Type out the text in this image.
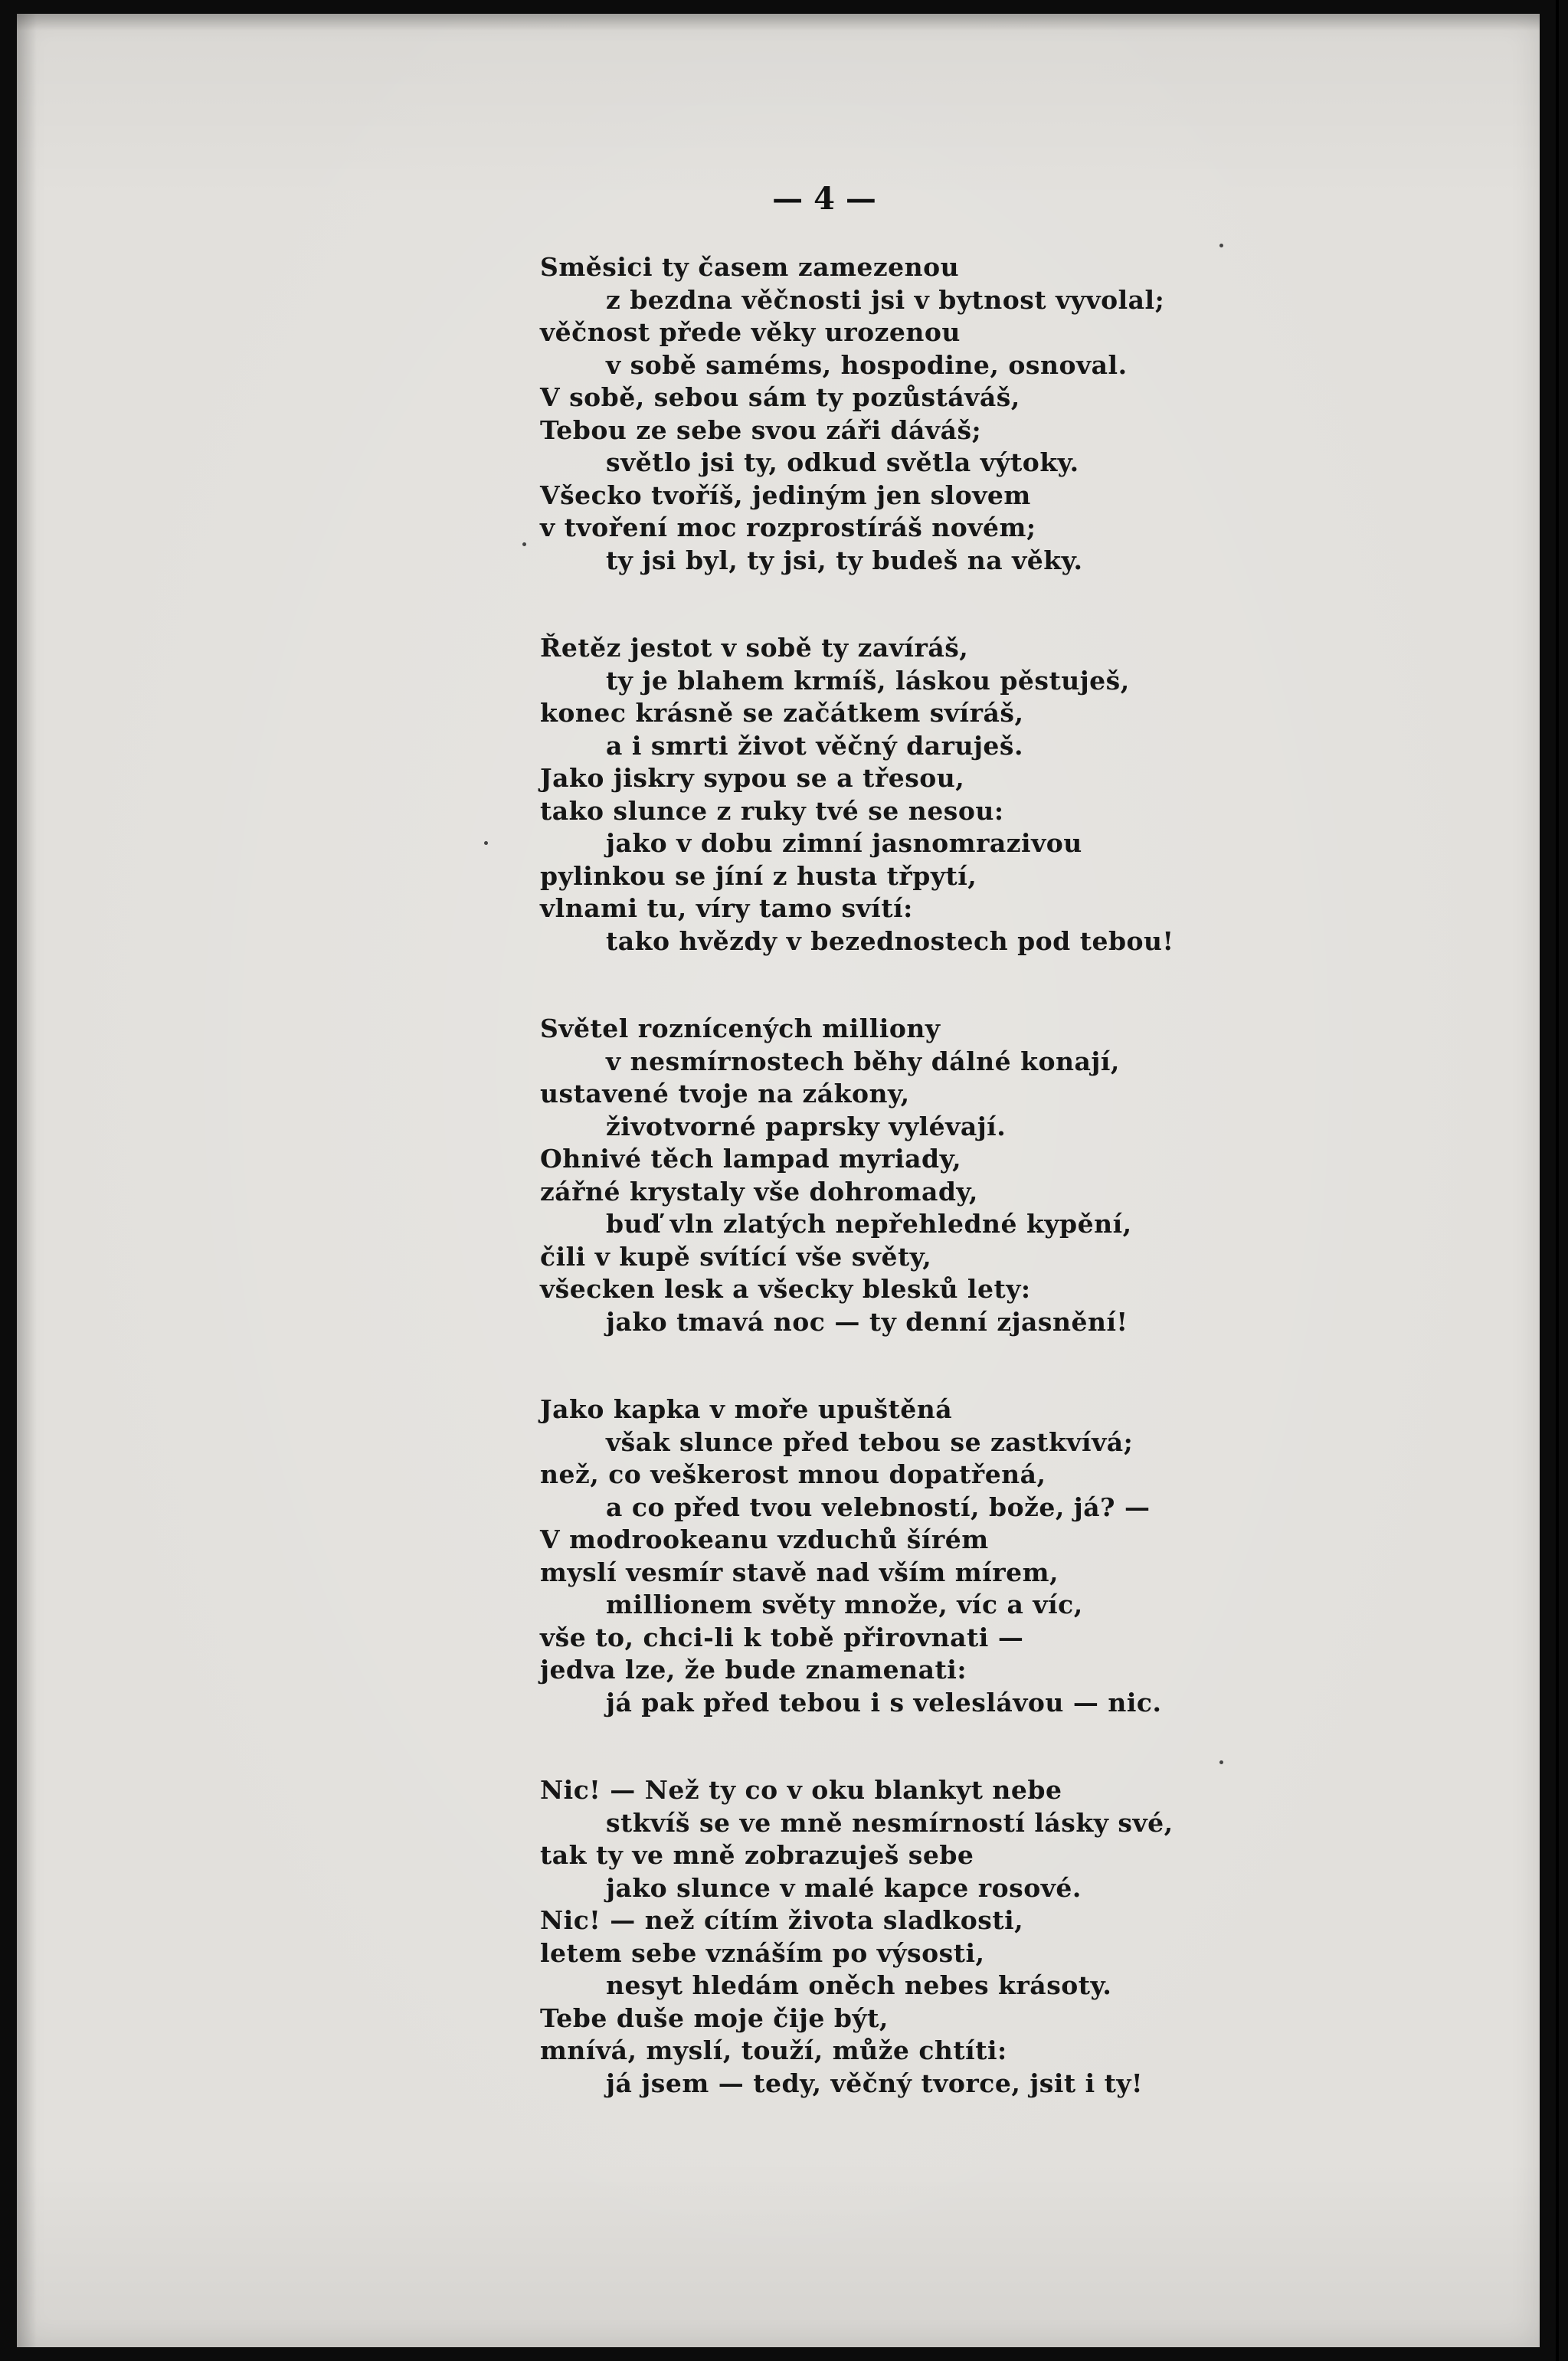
— 4 —
Směsici ty časem zamezenou
z bezdna věčnosti jsi v bytnost vyvolal;
věčnost přede věky urozenou
v sobě saméms, hospodine, osnoval.
V sobě, sebou sám ty pozůstáváš,
Tebou ze sebe svou záři dáváš;
světlo jsi ty, odkud světla výtoky.
Všecko tvoříš, jediným jen slovem
v tvoření moc rozprostíráš novém;
ty jsi byl, ty jsi, ty budeš na věky.
Řetěz jestot v sobě ty zavíráš,
ty je blahem krmíš, láskou pěstuješ,
konec krásně se začátkem svíráš,
a i smrti život věčný daruješ.
Jako jiskry sypou se a třesou,
tako slunce z ruky tvé se nesou:
jako v dobu zimní jasnomrazivou
pylinkou se jíní z husta třpytí,
vlnami tu, víry tamo svítí:
tako hvězdy v bezednostech pod tebou!
Světel roznícených milliony
v nesmírnostech běhy dálné konají,
ustavené tvoje na zákony,
životvorné paprsky vylévají.
Ohnivé těch lampad myriady,
zářné krystaly vše dohromady,
buď vln zlatých nepřehledné kypění,
čili v kupě svítící vše světy,
všecken lesk a všecky blesků lety:
jako tmavá noc — ty denní zjasnění!
Jako kapka v moře upuštěná
však slunce před tebou se zastkvívá;
než, co veškerost mnou dopatřená,
a co před tvou velebností, bože, já? —
V modrookeanu vzduchů šírém
myslí vesmír stavě nad vším mírem,
millionem světy množe, víc a víc,
vše to, chci-li k tobě přirovnati —
jedva lze, že bude znamenati:
já pak před tebou i s veleslávou — nic.
Nic! — Než ty co v oku blankyt nebe
stkvíš se ve mně nesmírností lásky své,
tak ty ve mně zobrazuješ sebe
jako slunce v malé kapce rosové.
Nic! — než cítím života sladkosti,
letem sebe vznáším po výsosti,
nesyt hledám oněch nebes krásoty.
Tebe duše moje čije být,
mnívá, myslí, touží, může chtíti:
já jsem — tedy, věčný tvorce, jsit i ty!
